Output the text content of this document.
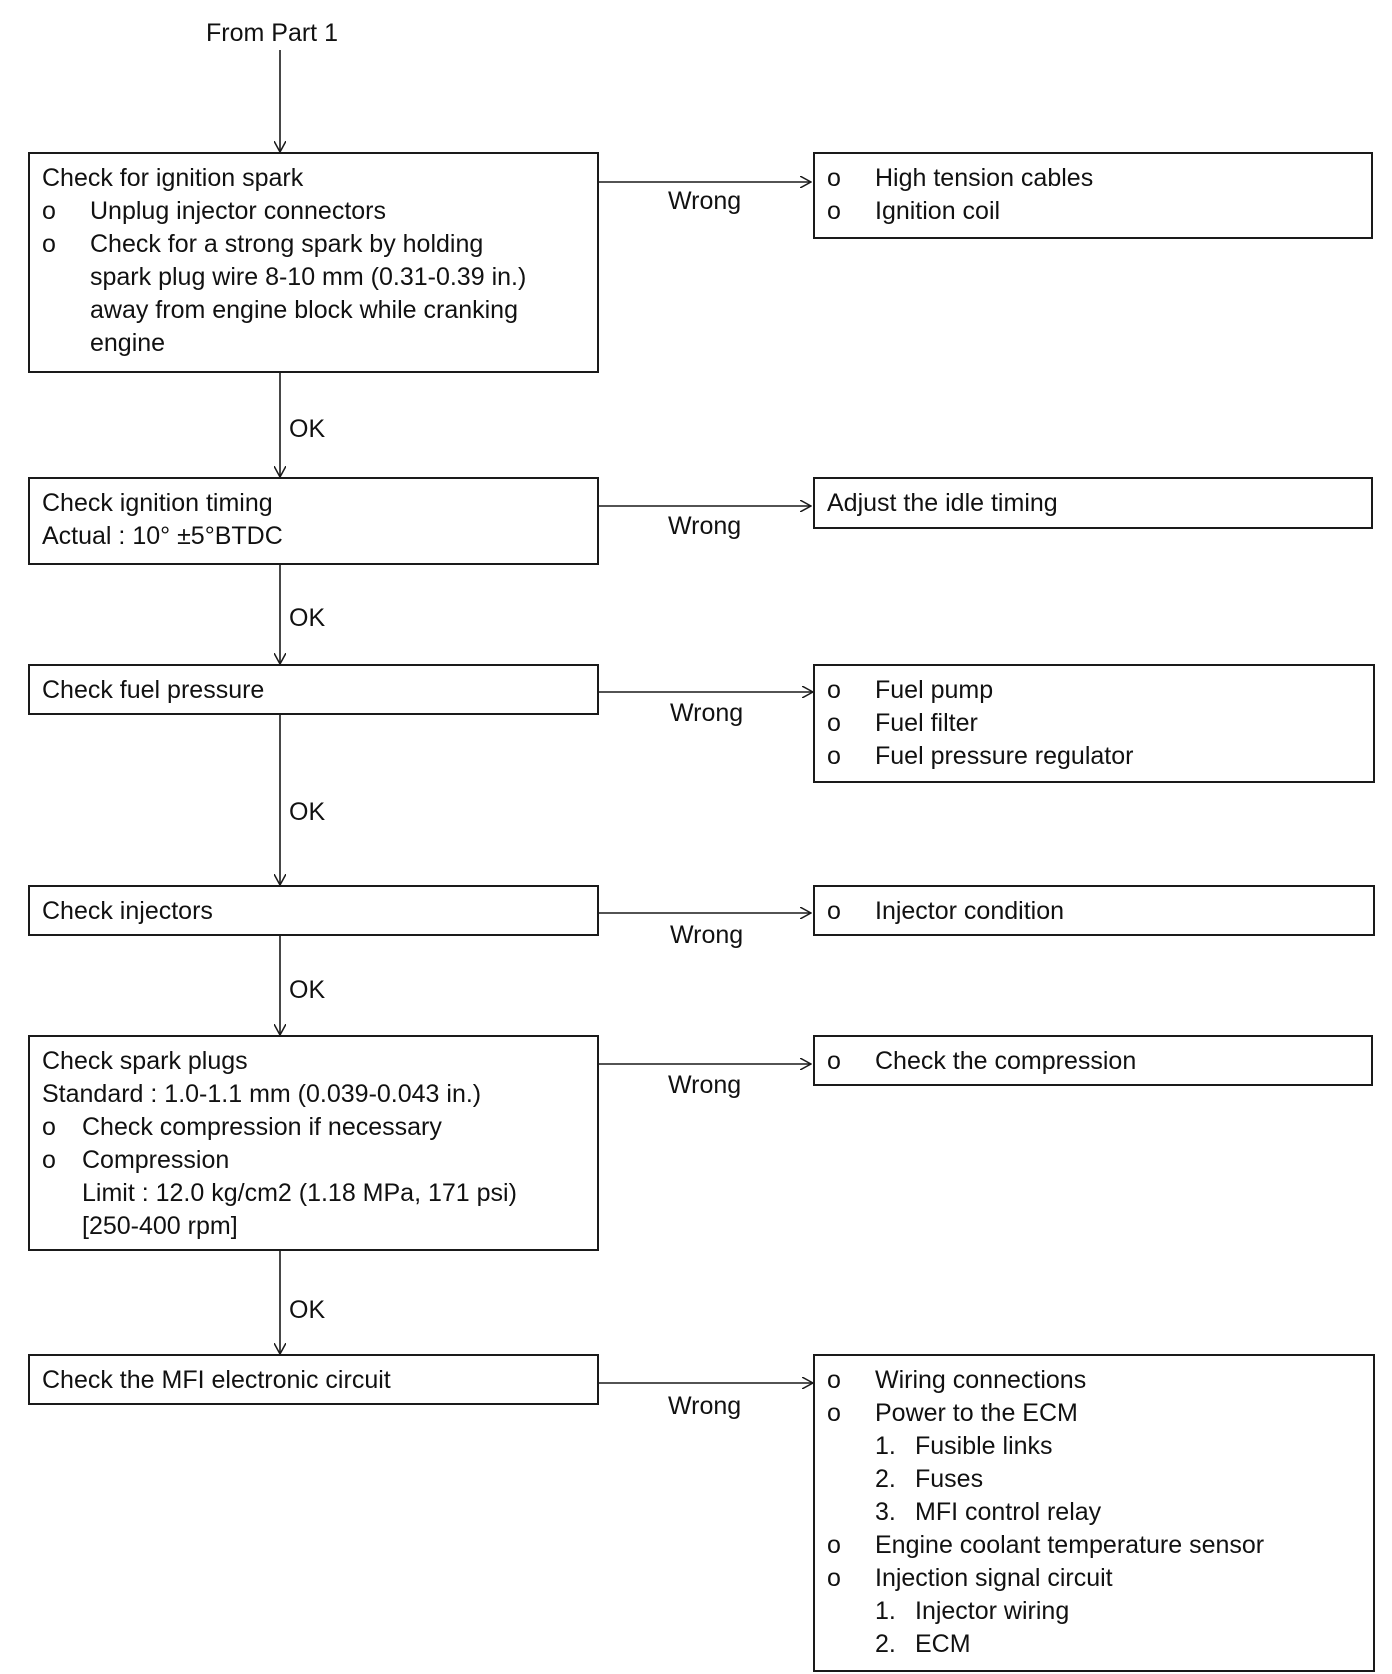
From Part 1
OK
OK
OK
OK
OK
Wrong
Wrong
Wrong
Wrong
Wrong
Wrong
Check for ignition spark
o	Unplug injector connectors
o	Check for a strong spark by holding
spark plug wire 8-10 mm (0.31-0.39 in.)
away from engine block while cranking
engine
o	High tension cables
o	Ignition coil
Check ignition timing
Actual : 10° ±5°BTDC
Adjust the idle timing
Check fuel pressure	o	Fuel pump
o	Fuel filter
o	Fuel pressure regulator
Check injectors	o	Injector condition
Check spark plugs
Standard : 1.0-1.1 mm (0.039-0.043 in.)
o	Check compression if necessary
o	Compression
Limit : 12.0 kg/cm2 (1.18 MPa, 171 psi)
[250-400 rpm]
o	Check the compression
Check the MFI electronic circuit	o	Wiring connections
o	Power to the ECM
1. Fusible links
2. Fuses
3. MFI control relay
o	Engine coolant temperature sensor
o	Injection signal circuit
1. Injector wiring
2. ECM
